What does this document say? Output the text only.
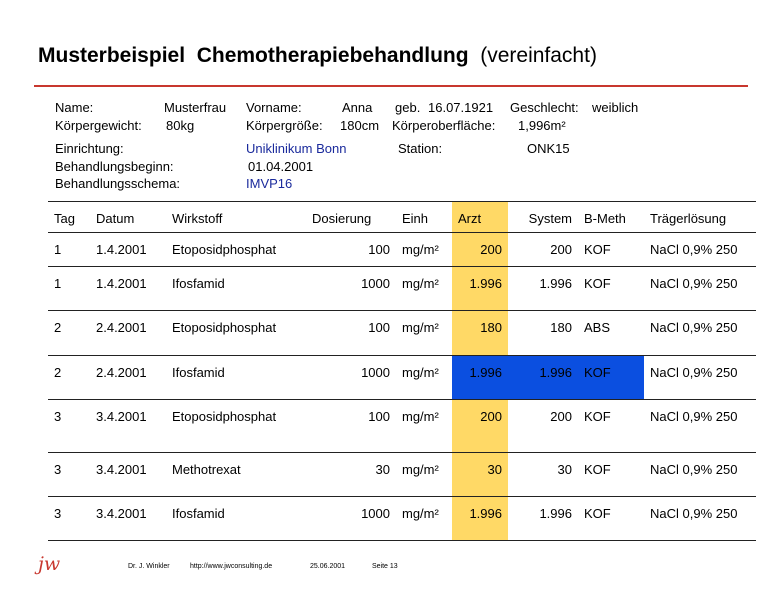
Musterbeispiel  Chemotherapiebehandlung  (vereinfacht)
Name:	Musterfrau Vorname:	Anna geb. 16.07.1921 Geschlecht: weiblich
Körpergewicht: 80kg	Körpergröße: 180cm Körperoberfläche: 1,996m²
Einrichtung:	Uniklinikum Bonn	Station:	ONK15
Behandlungsbeginn:	01.04.2001
Behandlungsschema:	IMVP16
Tag	Datum	Wirkstoff	Dosierung	Einh	Arzt	System	B-Meth	Trägerlösung
1	1.4.2001	Etoposidphosphat	100	mg/m²	200	200	KOF	NaCl 0,9% 250
1	1.4.2001	Ifosfamid	1000	mg/m²	1.996	1.996	KOF	NaCl 0,9% 250
2	2.4.2001	Etoposidphosphat	100	mg/m²	180	180	ABS	NaCl 0,9% 250
2	2.4.2001	Ifosfamid	1000	mg/m²	1.996	1.996	KOF	NaCl 0,9% 250
3	3.4.2001	Etoposidphosphat	100	mg/m²	200	200	KOF	NaCl 0,9% 250
3	3.4.2001	Methotrexat	30	mg/m²	30	30	KOF	NaCl 0,9% 250
3	3.4.2001	Ifosfamid	1000	mg/m²	1.996	1.996	KOF	NaCl 0,9% 250
jw	Dr. J. Winkler	http://www.jwconsulting.de	25.06.2001	Seite 13
